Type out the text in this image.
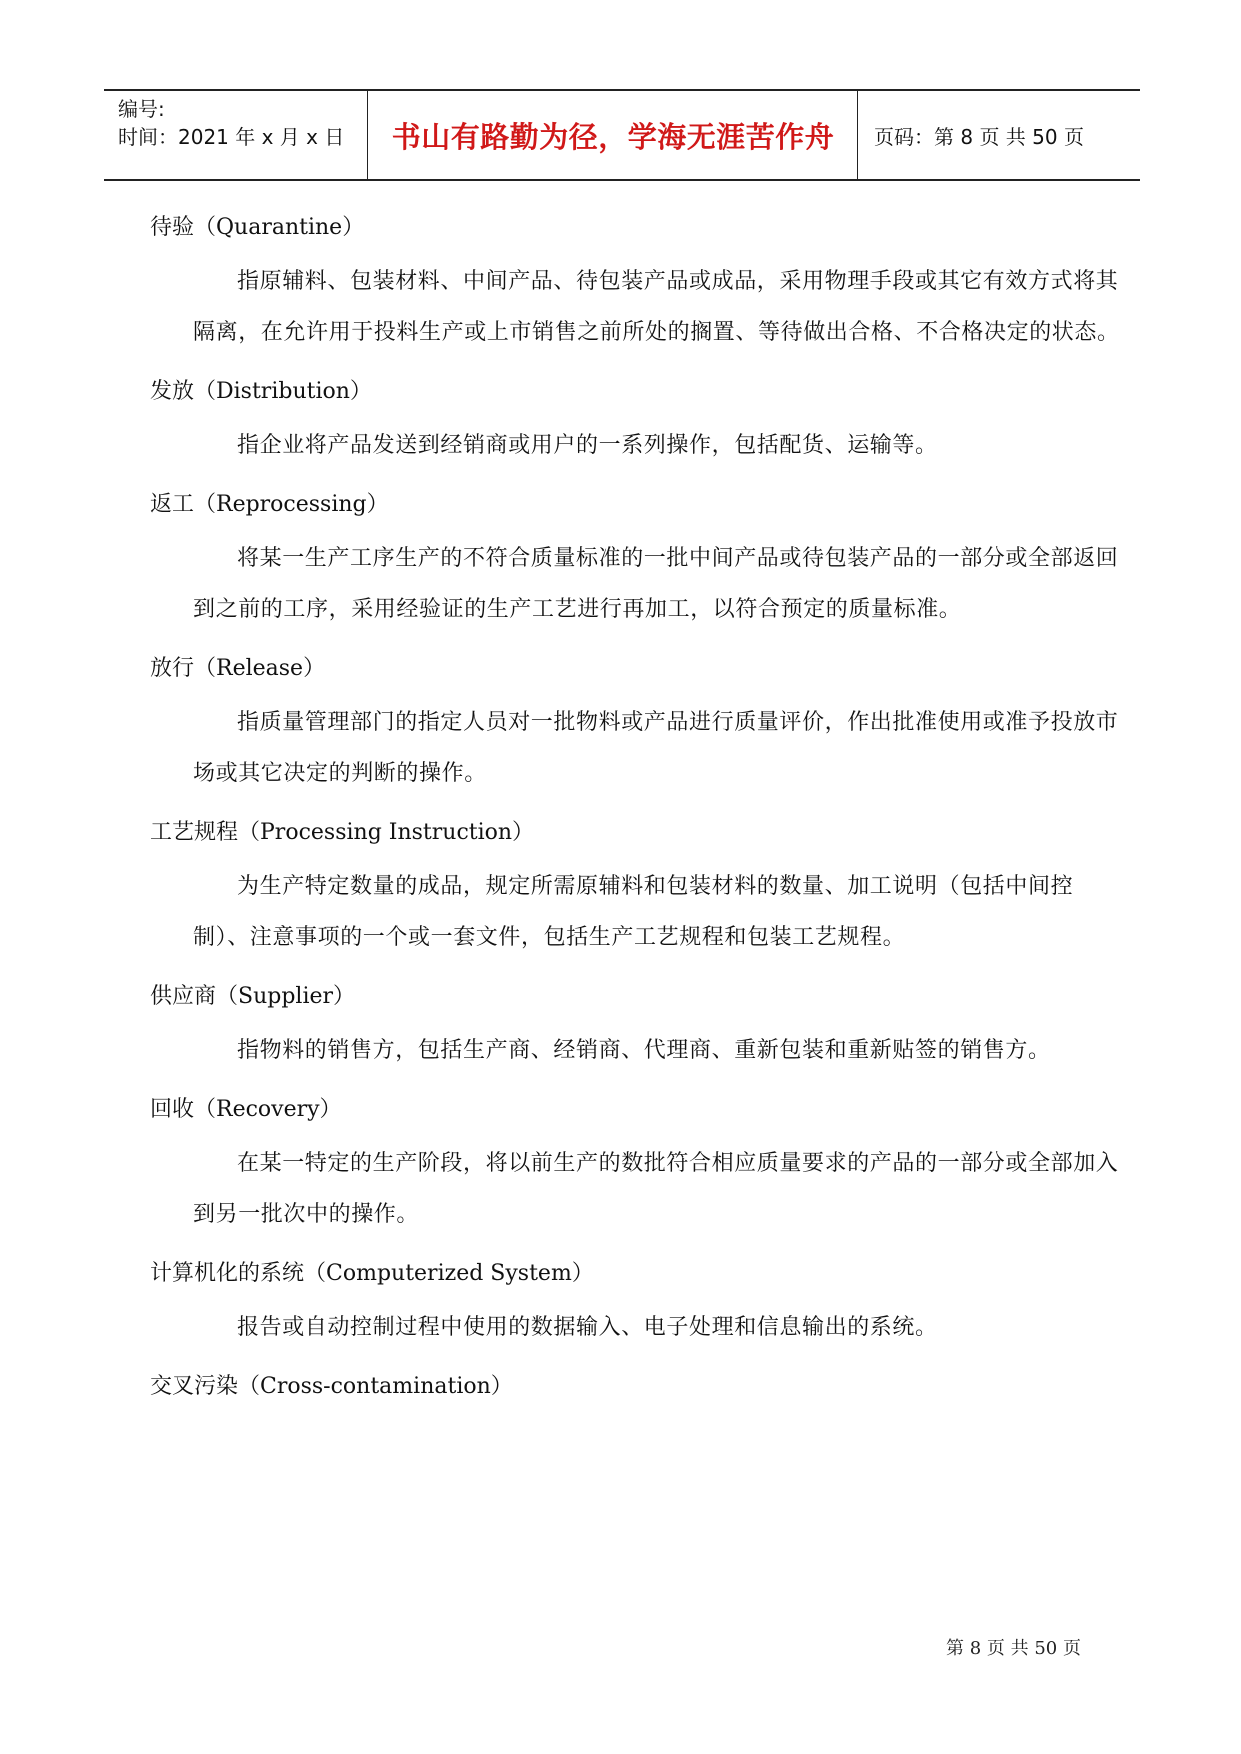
编号:
时间：2021 年 x 月 x 日	书山有路勤为径，学海无涯苦作舟	页码：第 8 页 共 50 页
待验（Quarantine）
指原辅料、包装材料、中间产品、待包装产品或成品，采用物理手段或其它有效方式将其隔离，在允许用于投料生产或上市销售之前所处的搁置、等待做出合格、不合格决定的状态。
发放（Distribution）
指企业将产品发送到经销商或用户的一系列操作，包括配货、运输等。
返工（Reprocessing）
将某一生产工序生产的不符合质量标准的一批中间产品或待包装产品的一部分或全部返回到之前的工序，采用经验证的生产工艺进行再加工，以符合预定的质量标准。
放行（Release）
指质量管理部门的指定人员对一批物料或产品进行质量评价，作出批准使用或准予投放市场或其它决定的判断的操作。
工艺规程（Processing Instruction）
为生产特定数量的成品，规定所需原辅料和包装材料的数量、加工说明（包括中间控制）、注意事项的一个或一套文件，包括生产工艺规程和包装工艺规程。
供应商（Supplier）
指物料的销售方，包括生产商、经销商、代理商、重新包装和重新贴签的销售方。
回收（Recovery）
在某一特定的生产阶段，将以前生产的数批符合相应质量要求的产品的一部分或全部加入到另一批次中的操作。
计算机化的系统（Computerized System）
报告或自动控制过程中使用的数据输入、电子处理和信息输出的系统。
交叉污染（Cross-contamination）
第 8 页 共 50 页
